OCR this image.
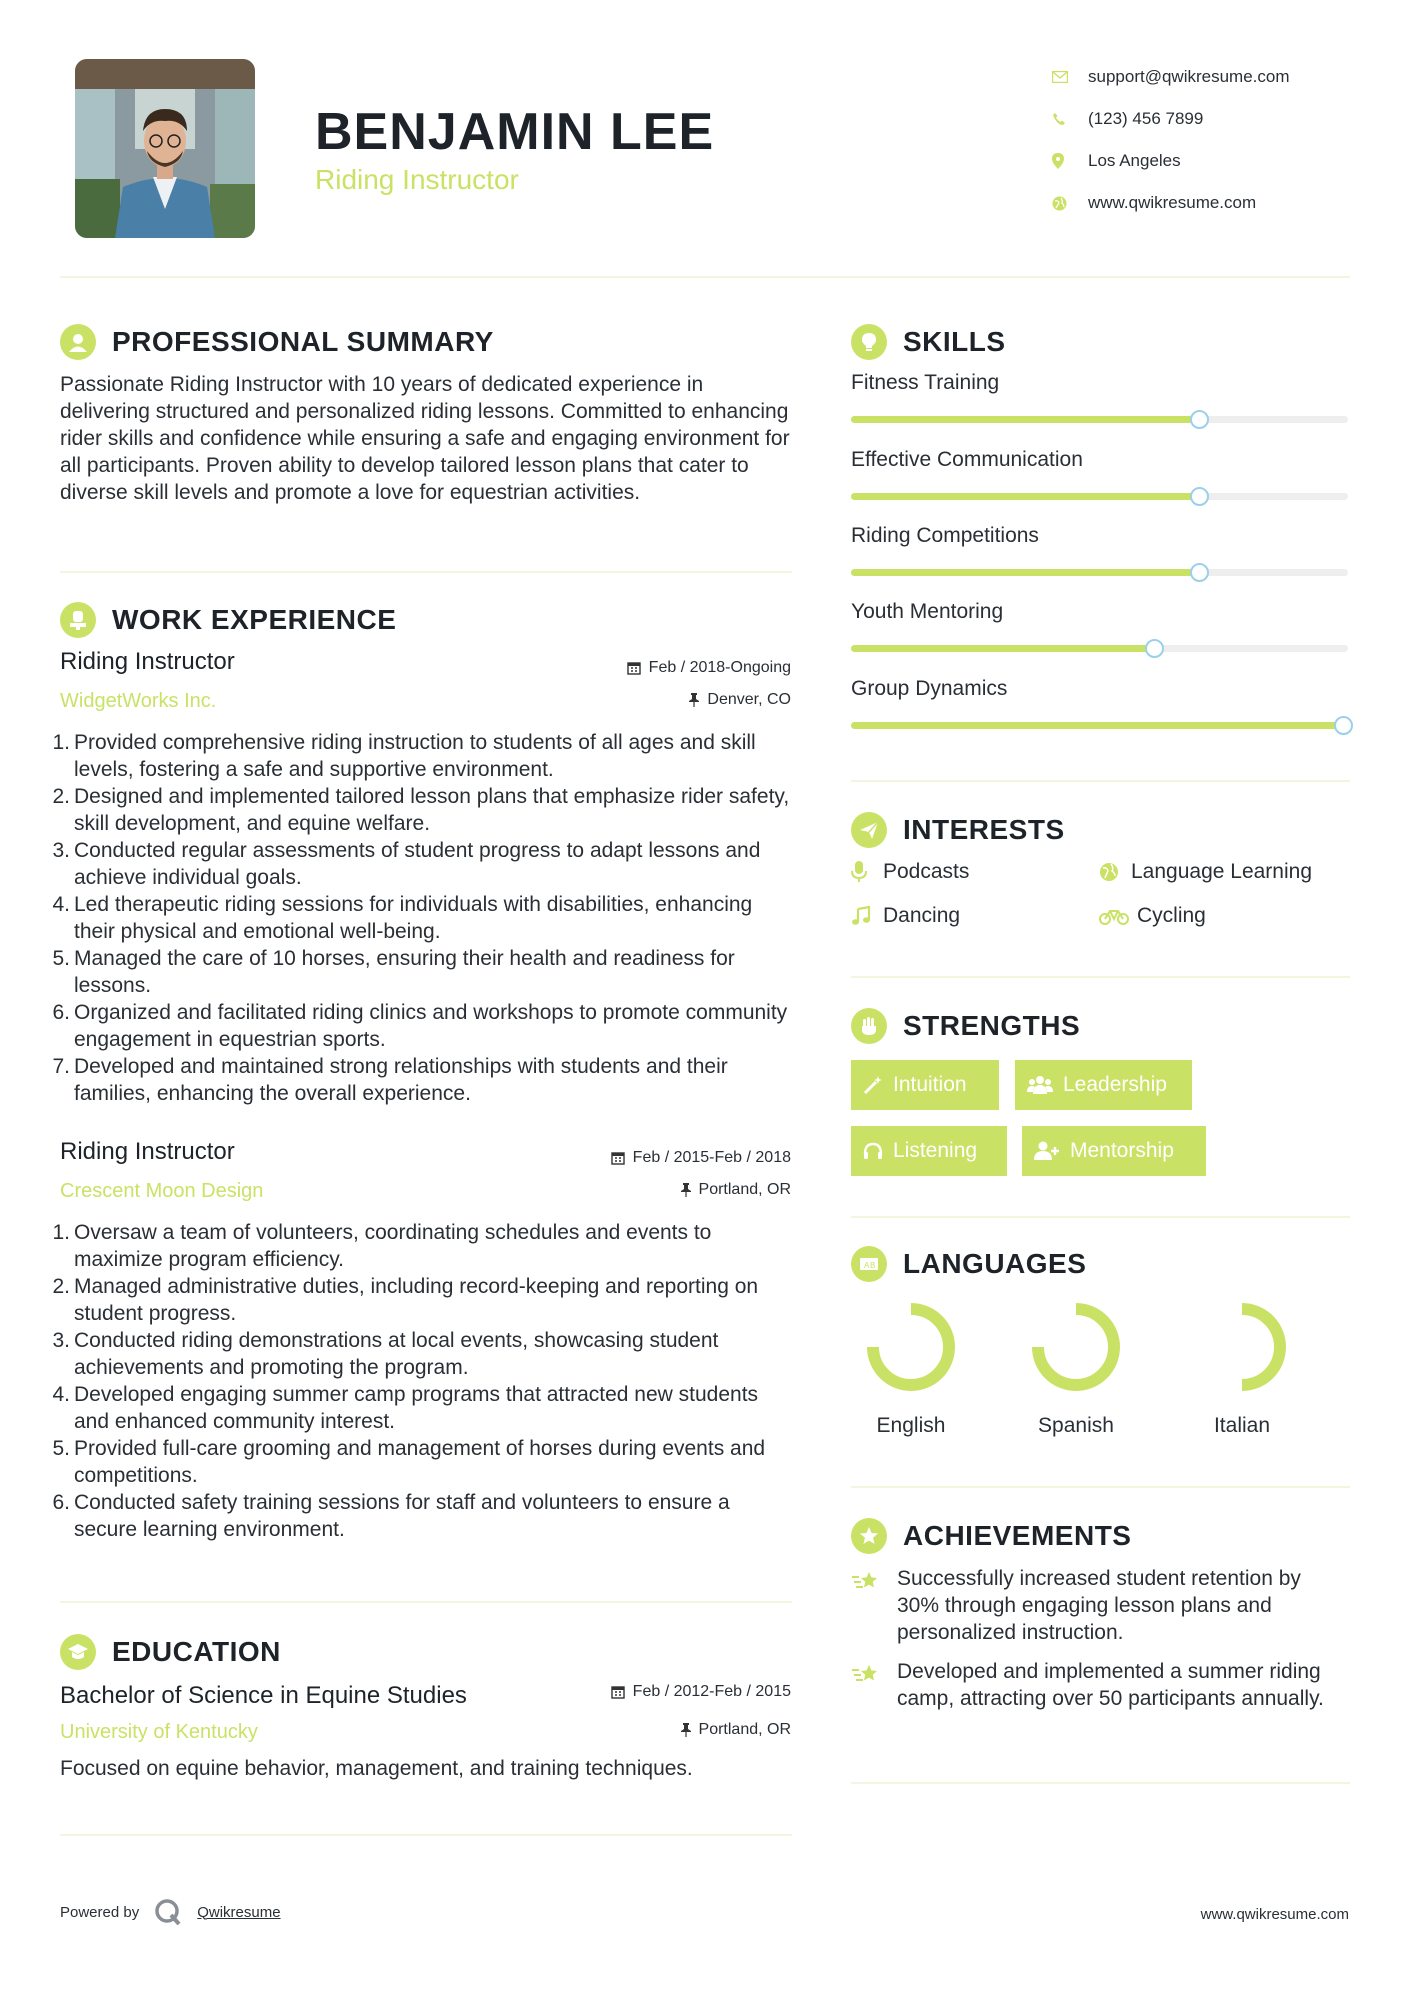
BENJAMIN LEE
Riding Instructor
support@qwikresume.com
(123) 456 7899
Los Angeles
www.qwikresume.com
PROFESSIONAL SUMMARY
Passionate Riding Instructor with 10 years of dedicated experience in delivering structured and personalized riding lessons. Committed to enhancing rider skills and confidence while ensuring a safe and engaging environment for all participants. Proven ability to develop tailored lesson plans that cater to diverse skill levels and promote a love for equestrian activities.
WORK EXPERIENCE
Riding Instructor	Feb / 2018-Ongoing
WidgetWorks Inc.	Denver, CO
1. Provided comprehensive riding instruction to students of all ages and skill levels, fostering a safe and supportive environment.
2. Designed and implemented tailored lesson plans that emphasize rider safety, skill development, and equine welfare.
3. Conducted regular assessments of student progress to adapt lessons and achieve individual goals.
4. Led therapeutic riding sessions for individuals with disabilities, enhancing their physical and emotional well-being.
5. Managed the care of 10 horses, ensuring their health and readiness for lessons.
6. Organized and facilitated riding clinics and workshops to promote community engagement in equestrian sports.
7. Developed and maintained strong relationships with students and their families, enhancing the overall experience.
Riding Instructor	Feb / 2015-Feb / 2018
Crescent Moon Design	Portland, OR
1. Oversaw a team of volunteers, coordinating schedules and events to maximize program efficiency.
2. Managed administrative duties, including record-keeping and reporting on student progress.
3. Conducted riding demonstrations at local events, showcasing student achievements and promoting the program.
4. Developed engaging summer camp programs that attracted new students and enhanced community interest.
5. Provided full-care grooming and management of horses during events and competitions.
6. Conducted safety training sessions for staff and volunteers to ensure a secure learning environment.
EDUCATION
Bachelor of Science in Equine Studies	Feb / 2012-Feb / 2015
University of Kentucky	Portland, OR
Focused on equine behavior, management, and training techniques.
SKILLS
Fitness Training
Effective Communication
Riding Competitions
Youth Mentoring
Group Dynamics
INTERESTS
Podcasts	Language Learning
Dancing	Cycling
STRENGTHS
Intuition	Leadership
Listening	Mentorship
A B LANGUAGES
English	Spanish	Italian
ACHIEVEMENTS
Successfully increased student retention by 30% through engaging lesson plans and personalized instruction.
Developed and implemented a summer riding camp, attracting over 50 participants annually.
Powered by	Qwikresume	www.qwikresume.com
